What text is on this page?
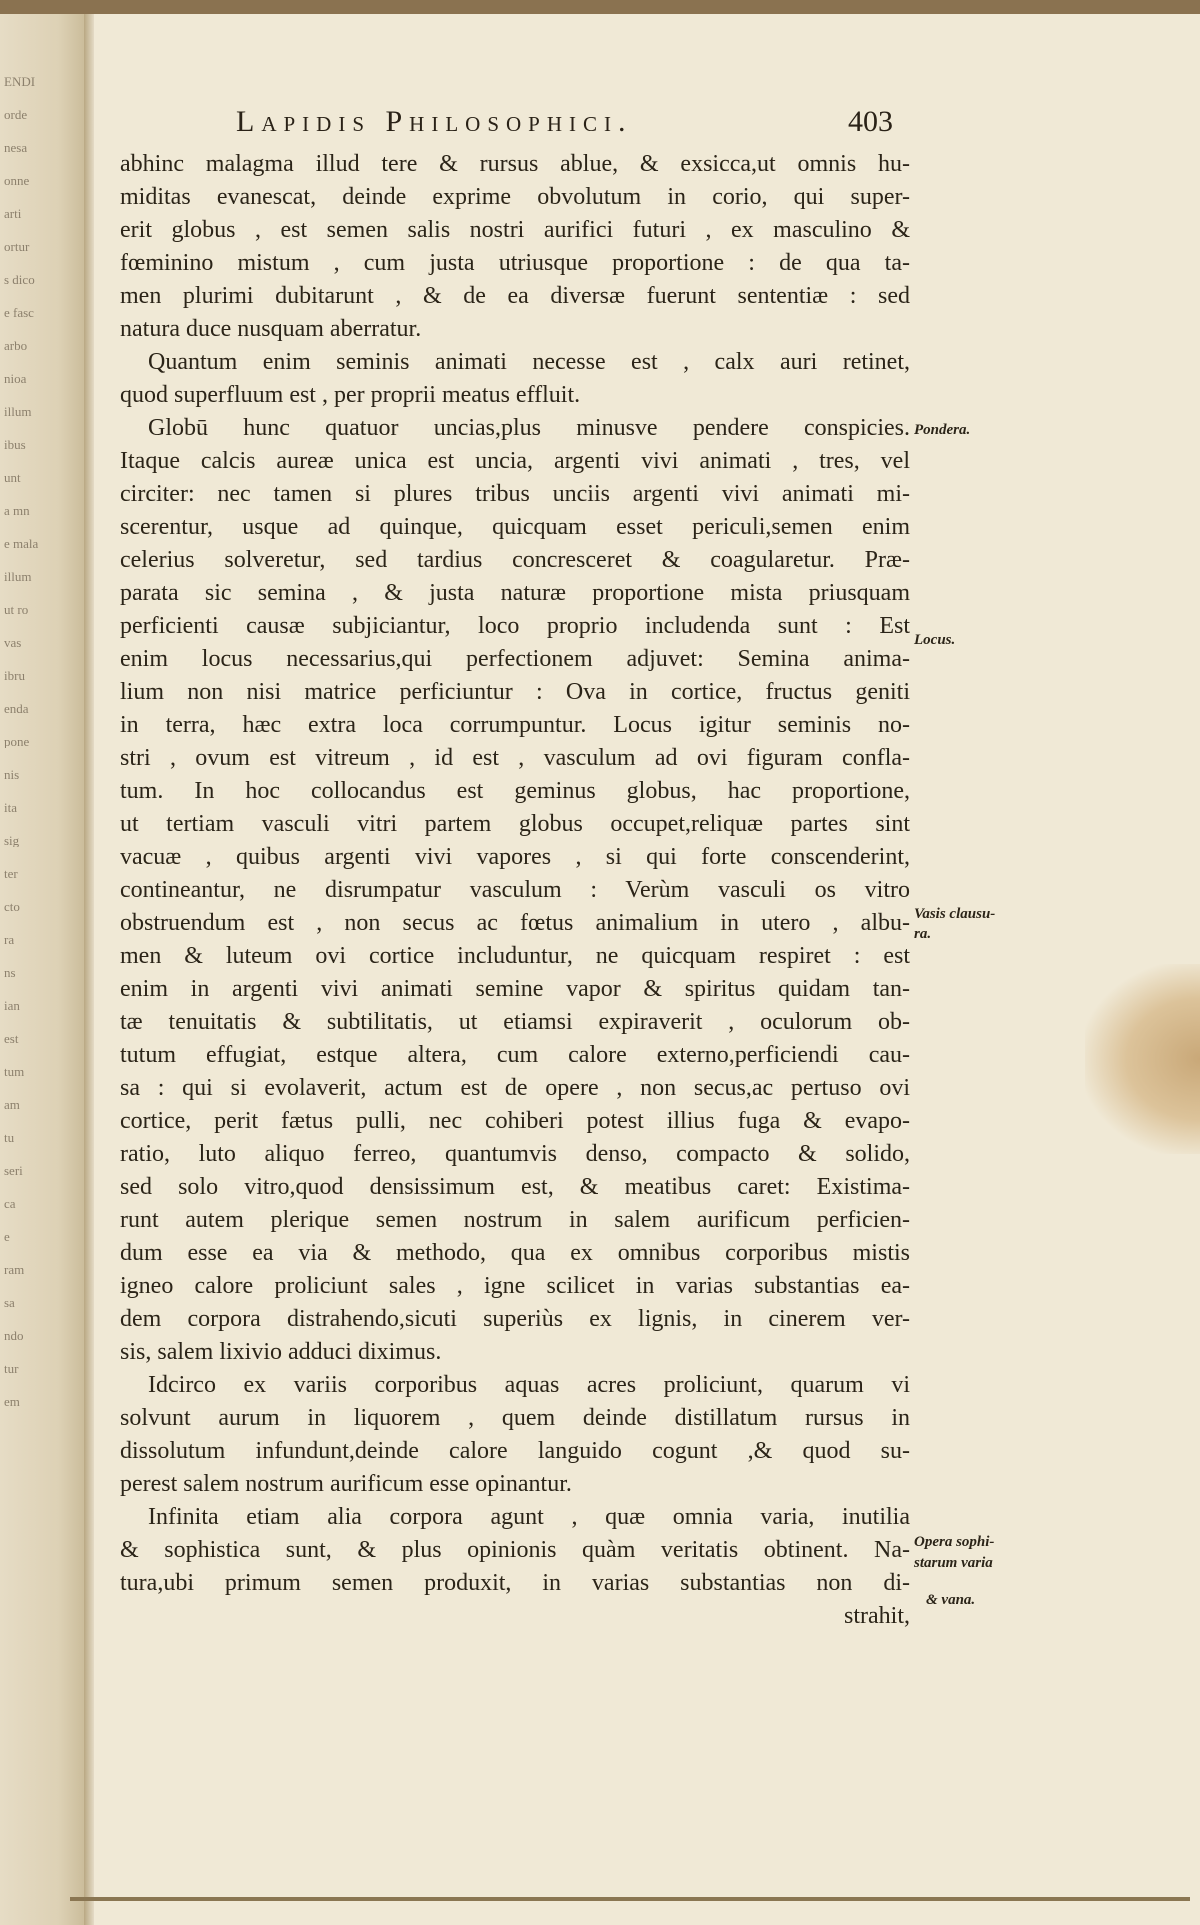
ENDI
orde
nesa
onne
arti
ortur
s dico
e fasc
arbo
nioa
illum
ibus
unt
a mn
e mala
illum
ut ro
vas
ibru
enda
pone
nis
ita
sig
ter
cto
ra
ns
ian
est
tum
am
tu
seri
ca
e
ram
sa
ndo
tur
em
Lapidis Philosophici.	403
abhinc malagma illud tere & rursus ablue, & exsicca,ut omnis hu-
miditas evanescat, deinde exprime obvolutum in corio, qui super-
erit globus , est semen salis nostri aurifici futuri , ex masculino &
fœminino mistum , cum justa utriusque proportione : de qua ta-
men plurimi dubitarunt , & de ea diversæ fuerunt sententiæ : sed
natura duce nusquam aberratur.
Quantum enim seminis animati necesse est , calx auri retinet,
quod superfluum est , per proprii meatus effluit.
Globū hunc quatuor uncias,plus minusve pendere conspicies.
Itaque calcis aureæ unica est uncia, argenti vivi animati , tres, vel
circiter: nec tamen si plures tribus unciis argenti vivi animati mi-
scerentur, usque ad quinque, quicquam esset periculi,semen enim
celerius solveretur, sed tardius concresceret & coagularetur. Præ-
parata sic semina , & justa naturæ proportione mista priusquam
perficienti causæ subjiciantur, loco proprio includenda sunt : Est
enim locus necessarius,qui perfectionem adjuvet: Semina anima-
lium non nisi matrice perficiuntur : Ova in cortice, fructus geniti
in terra, hæc extra loca corrumpuntur. Locus igitur seminis no-
stri , ovum est vitreum , id est , vasculum ad ovi figuram confla-
tum. In hoc collocandus est geminus globus, hac proportione,
ut tertiam vasculi vitri partem globus occupet,reliquæ partes sint
vacuæ , quibus argenti vivi vapores , si qui forte conscenderint,
contineantur, ne disrumpatur vasculum : Verùm vasculi os vitro
obstruendum est , non secus ac fœtus animalium in utero , albu-
men & luteum ovi cortice includuntur, ne quicquam respiret : est
enim in argenti vivi animati semine vapor & spiritus quidam tan-
tæ tenuitatis & subtilitatis, ut etiamsi expiraverit , oculorum ob-
tutum effugiat, estque altera, cum calore externo,perficiendi cau-
sa : qui si evolaverit, actum est de opere , non secus,ac pertuso ovi
cortice, perit fætus pulli, nec cohiberi potest illius fuga & evapo-
ratio, luto aliquo ferreo, quantumvis denso, compacto & solido,
sed solo vitro,quod densissimum est, & meatibus caret: Existima-
runt autem plerique semen nostrum in salem aurificum perficien-
dum esse ea via & methodo, qua ex omnibus corporibus mistis
igneo calore proliciunt sales , igne scilicet in varias substantias ea-
dem corpora distrahendo,sicuti superiùs ex lignis, in cinerem ver-
sis, salem lixivio adduci diximus.
Idcirco ex variis corporibus aquas acres proliciunt, quarum vi
solvunt aurum in liquorem , quem deinde distillatum rursus in
dissolutum infundunt,deinde calore languido cogunt ,& quod su-
perest salem nostrum aurificum esse opinantur.
Infinita etiam alia corpora agunt , quæ omnia varia, inutilia
& sophistica sunt, & plus opinionis quàm veritatis obtinent. Na-
tura,ubi primum semen produxit, in varias substantias non di-
strahit,
Pondera.
Locus.
Vasis clausu-
ra.
Opera sophi-
starum varia
& vana.
